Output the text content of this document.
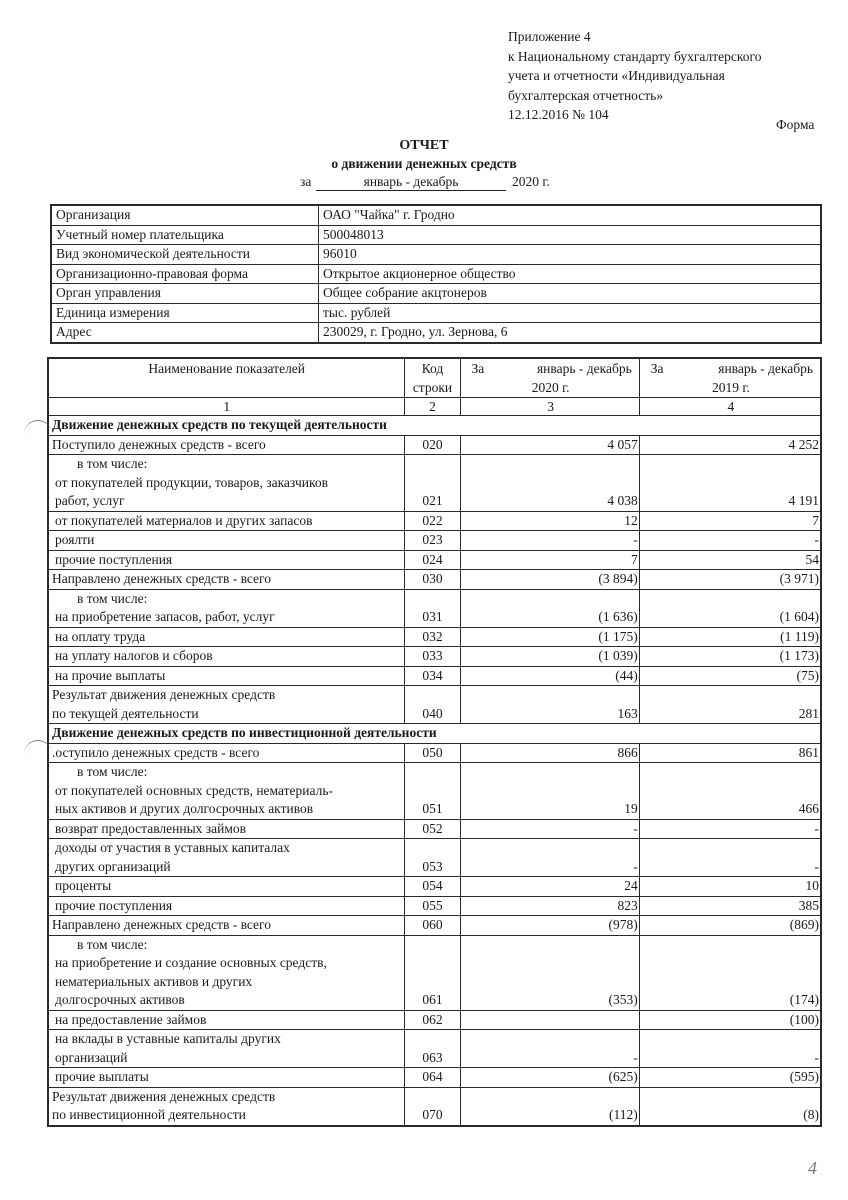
Приложение 4
к Национальному стандарту бухгалтерского
учета и отчетности «Индивидуальная
бухгалтерская отчетность»
12.12.2016 № 104
Форма
ОТЧЕТ
о движении денежных средств
за	январь - декабрь	2020 г.
Организация	ОАО "Чайка" г. Гродно
Учетный номер плательщика	500048013
Вид экономической деятельности	96010
Организационно-правовая форма	Открытое акционерное общество
Орган управления	Общее собрание акцтонеров
Единица измерения	тыс. рублей
Адрес	230029, г. Гродно, ул. Зернова, 6
Наименование показателей	Код
строки

За	январь - декабрь
2020 г.

За	январь - декабрь
2019 г.

1	2	3	4
Движение денежных средств по текущей деятельности			
Поступило денежных средств - всего	020	4 057	4 252

в том числе:
от покупателей продукции, товаров, заказчиков
работ, услуг	021	4 038	4 191
от покупателей материалов и других запасов	022	12	7
роялти	023	-	-
прочие поступления	024	7	54
Направлено денежных средств - всего	030	(3 894)	(3 971)

в том числе:
на приобретение запасов, работ, услуг	031	(1 636)	(1 604)
на оплату труда	032	(1 175)	(1 119)
на уплату налогов и сборов	033	(1 039)	(1 173)
на прочие выплаты	034	(44)	(75)

Результат движения денежных средств
по текущей деятельности	040	163	281
Движение денежных средств по инвестиционной деятельности			
.оступило денежных средств - всего	050	866	861

в том числе:
от покупателей основных средств, нематериаль-
ных активов и других долгосрочных активов	051	19	466
возврат предоставленных займов	052	-	-

доходы от участия в уставных капиталах
других организаций	053	-	-
проценты	054	24	10
прочие поступления	055	823	385
Направлено денежных средств - всего	060	(978)	(869)

в том числе:
на приобретение и создание основных средств,
нематериальных активов и других
долгосрочных активов	061	(353)	(174)
на предоставление займов	062		(100)

на вклады в уставные капиталы других
организаций	063	-	-
прочие выплаты	064	(625)	(595)

Результат движения денежных средств
по инвестиционной деятельности	070	(112)	(8)
4
